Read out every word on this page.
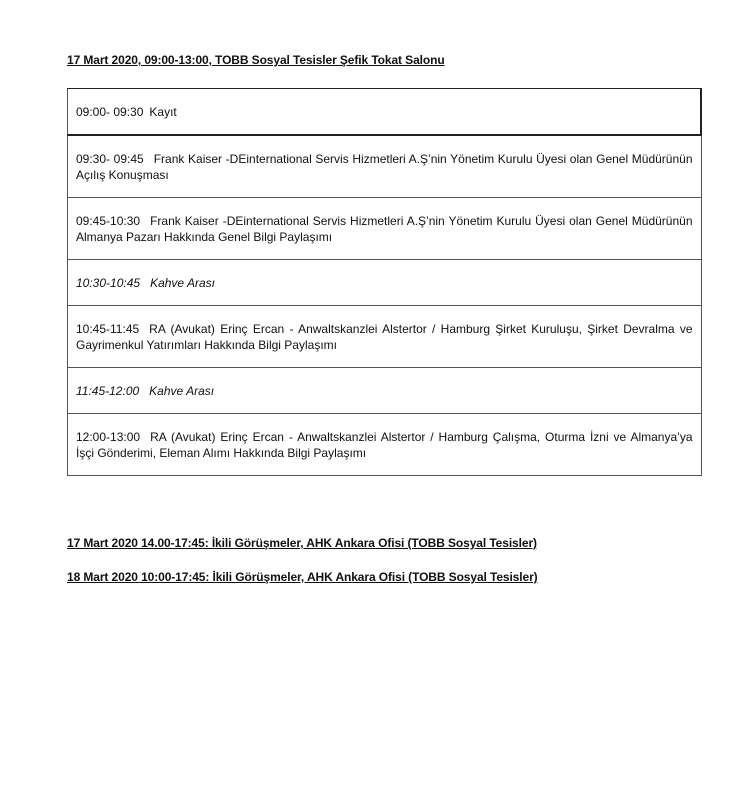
17 Mart 2020, 09:00-13:00, TOBB Sosyal Tesisler Şefik Tokat Salonu
09:00- 09:30 Kayıt
09:30- 09:45 Frank Kaiser -DEinternational Servis Hizmetleri A.Ş’nin Yönetim Kurulu Üyesi olan Genel Müdürünün Açılış Konuşması
09:45-10:30 Frank Kaiser -DEinternational Servis Hizmetleri A.Ş’nin Yönetim Kurulu Üyesi olan Genel Müdürünün Almanya Pazarı Hakkında Genel Bilgi Paylaşımı
10:30-10:45 Kahve Arası
10:45-11:45 RA (Avukat) Erinç Ercan - Anwaltskanzlei Alstertor / Hamburg Şirket Kuruluşu, Şirket Devralma ve Gayrimenkul Yatırımları Hakkında Bilgi Paylaşımı
11:45-12:00 Kahve Arası
12:00-13:00 RA (Avukat) Erinç Ercan - Anwaltskanzlei Alstertor / Hamburg Çalışma, Oturma İzni ve Almanya’ya İşçi Gönderimi, Eleman Alımı Hakkında Bilgi Paylaşımı
17 Mart 2020 14.00-17:45: İkili Görüşmeler, AHK Ankara Ofisi (TOBB Sosyal Tesisler)
18 Mart 2020 10:00-17:45: İkili Görüşmeler, AHK Ankara Ofisi (TOBB Sosyal Tesisler)
